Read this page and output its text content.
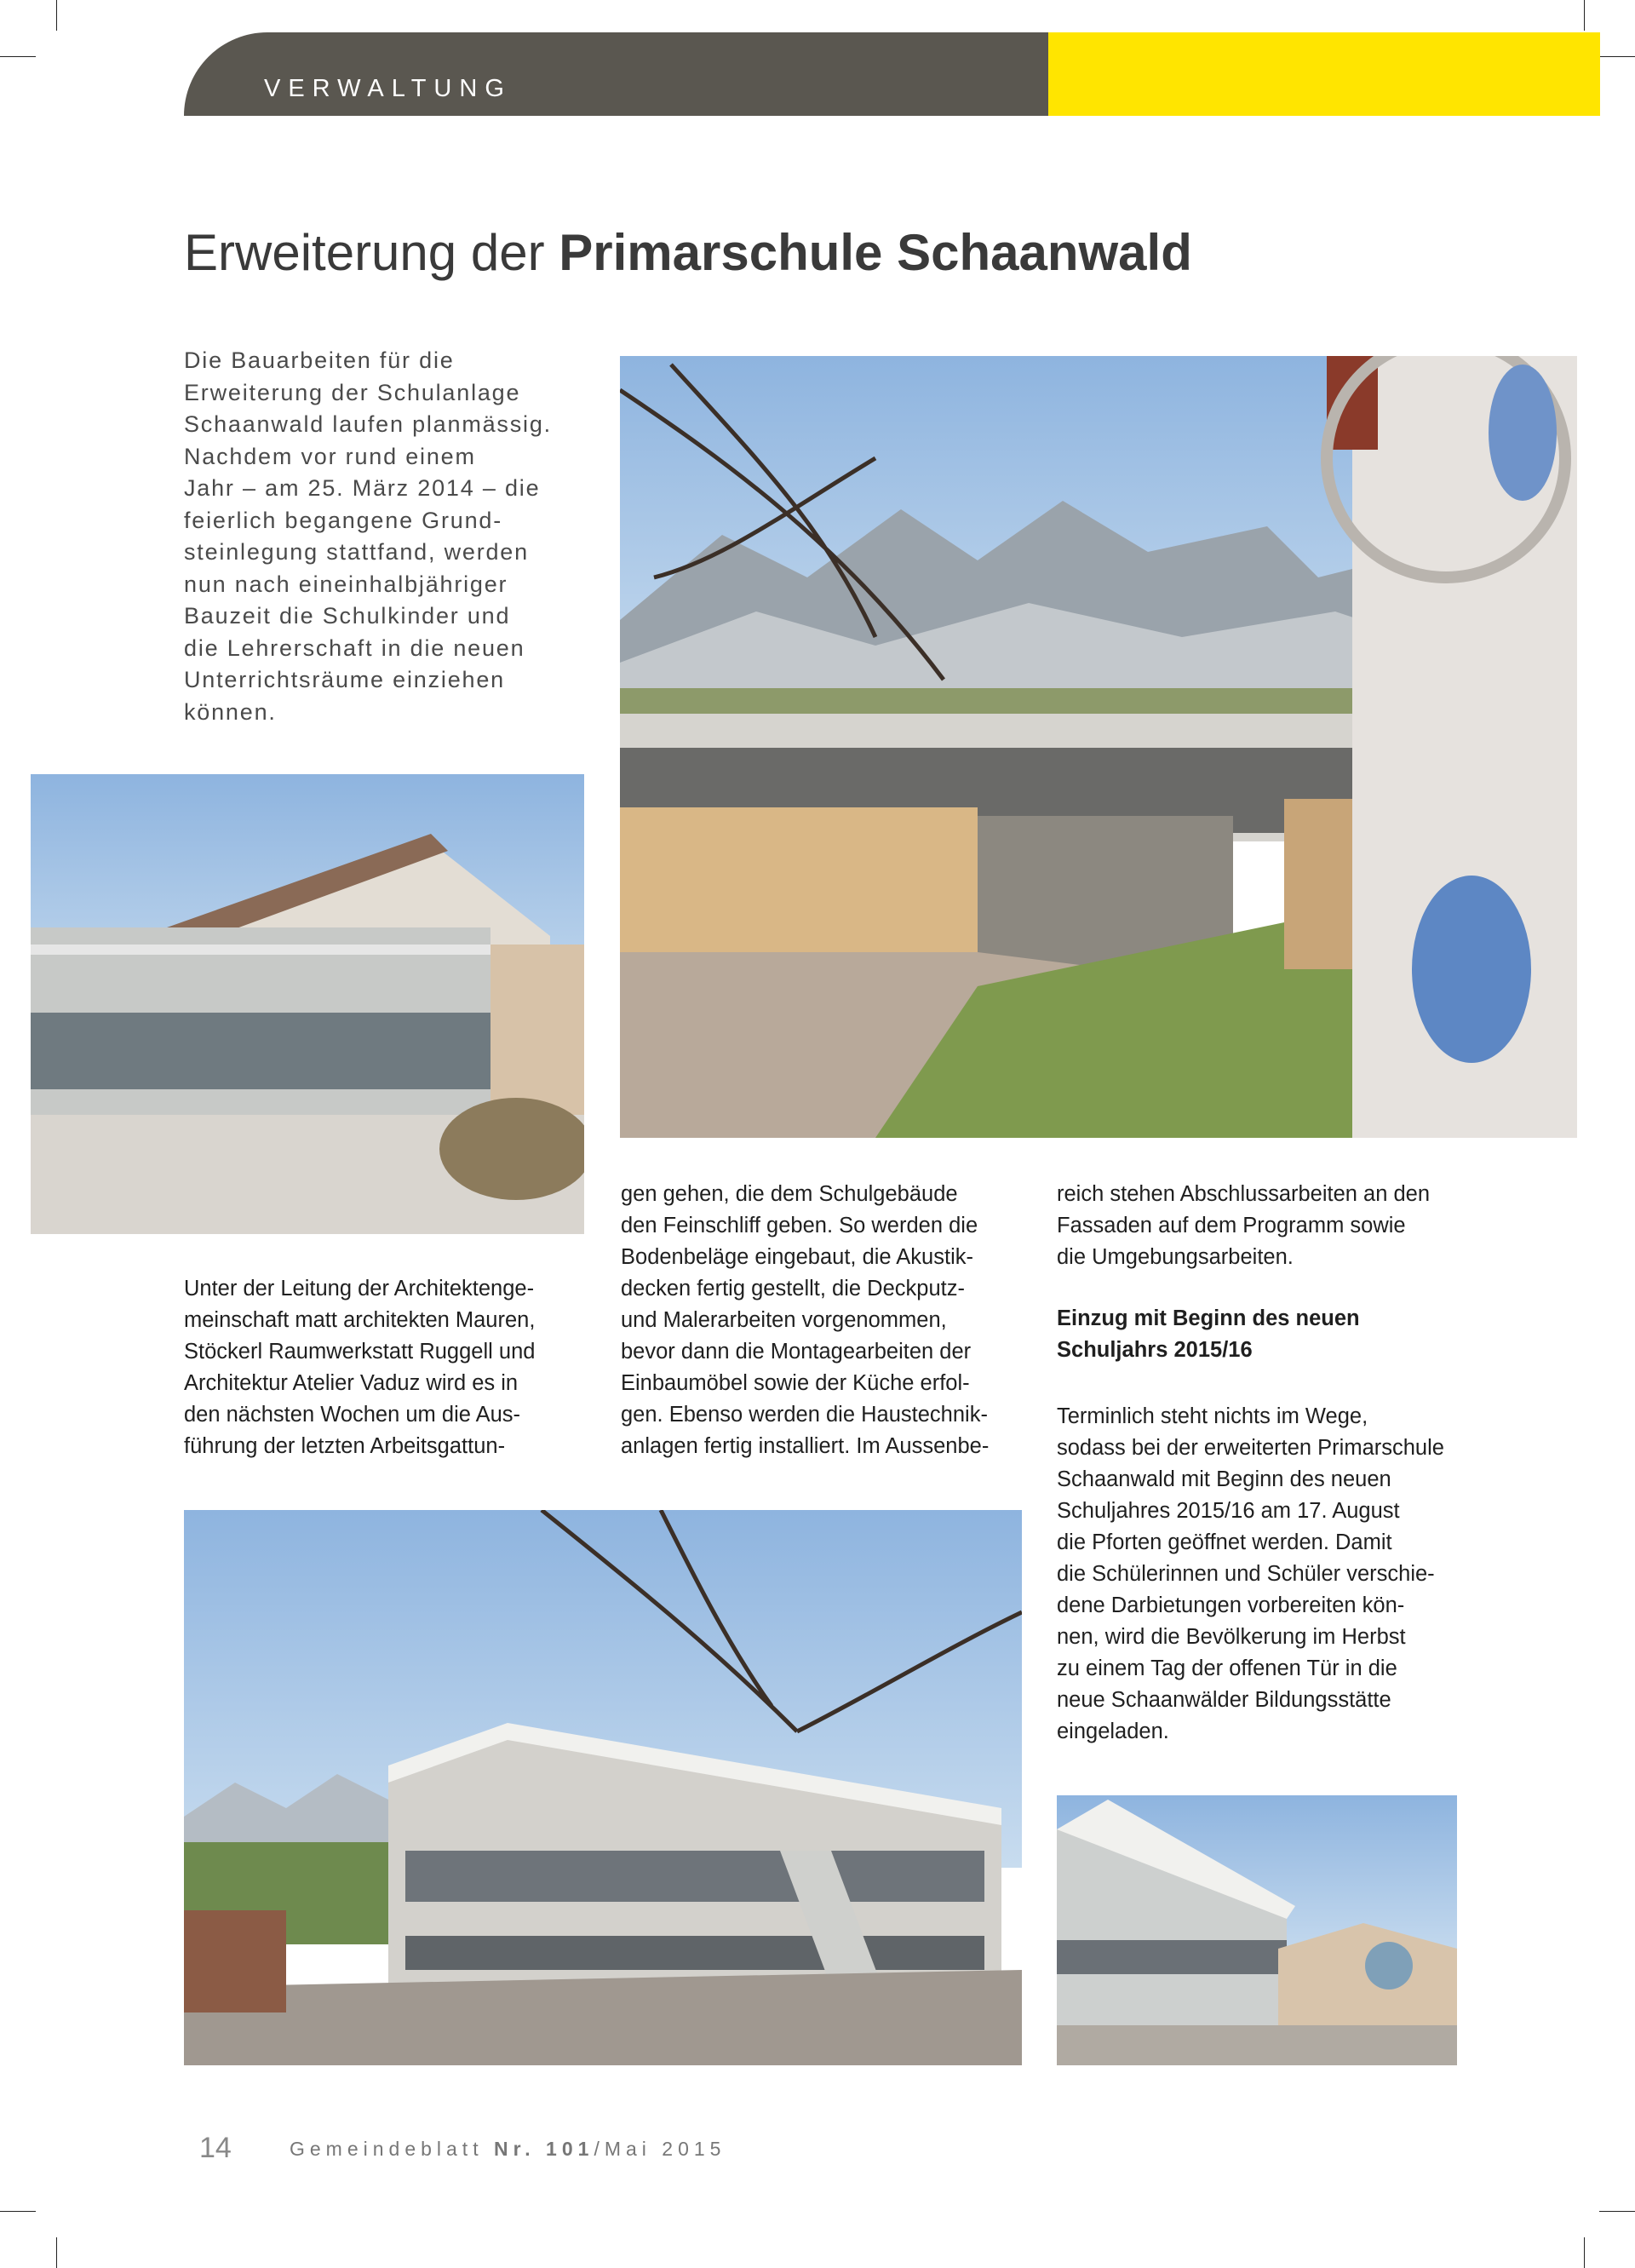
VERWALTUNG
Erweiterung der Primarschule Schaanwald
Die Bauarbeiten für die
Erweiterung der Schulanlage
Schaanwald laufen planmässig.
Nachdem vor rund einem
Jahr – am 25. März 2014 – die
feierlich begangene Grund-
steinlegung stattfand, werden
nun nach eineinhalbjähriger
Bauzeit die Schulkinder und
die Lehrerschaft in die neuen
Unterrichtsräume einziehen
können.
Unter der Leitung der Architektenge-
meinschaft matt architekten Mauren,
Stöckerl Raumwerkstatt Ruggell und
Architektur Atelier Vaduz wird es in
den nächsten Wochen um die Aus-
führung der letzten Arbeitsgattun-
gen gehen, die dem Schulgebäude
den Feinschliff geben. So werden die
Bodenbeläge eingebaut, die Akustik-
decken fertig gestellt, die Deckputz-
und Malerarbeiten vorgenommen,
bevor dann die Montagearbeiten der
Einbaumöbel sowie der Küche erfol-
gen. Ebenso werden die Haustechnik-
anlagen fertig installiert. Im Aussenbe-
reich stehen Abschlussarbeiten an den
Fassaden auf dem Programm sowie
die Umgebungsarbeiten.
Einzug mit Beginn des neuen
Schuljahrs 2015/16
Terminlich steht nichts im Wege,
sodass bei der erweiterten Primarschule
Schaanwald mit Beginn des neuen
Schuljahres 2015/16 am 17. August
die Pforten geöffnet werden. Damit
die Schülerinnen und Schüler verschie-
dene Darbietungen vorbereiten kön-
nen, wird die Bevölkerung im Herbst
zu einem Tag der offenen Tür in die
neue Schaanwälder Bildungsstätte
eingeladen.
14	Gemeindeblatt Nr. 101/Mai 2015
